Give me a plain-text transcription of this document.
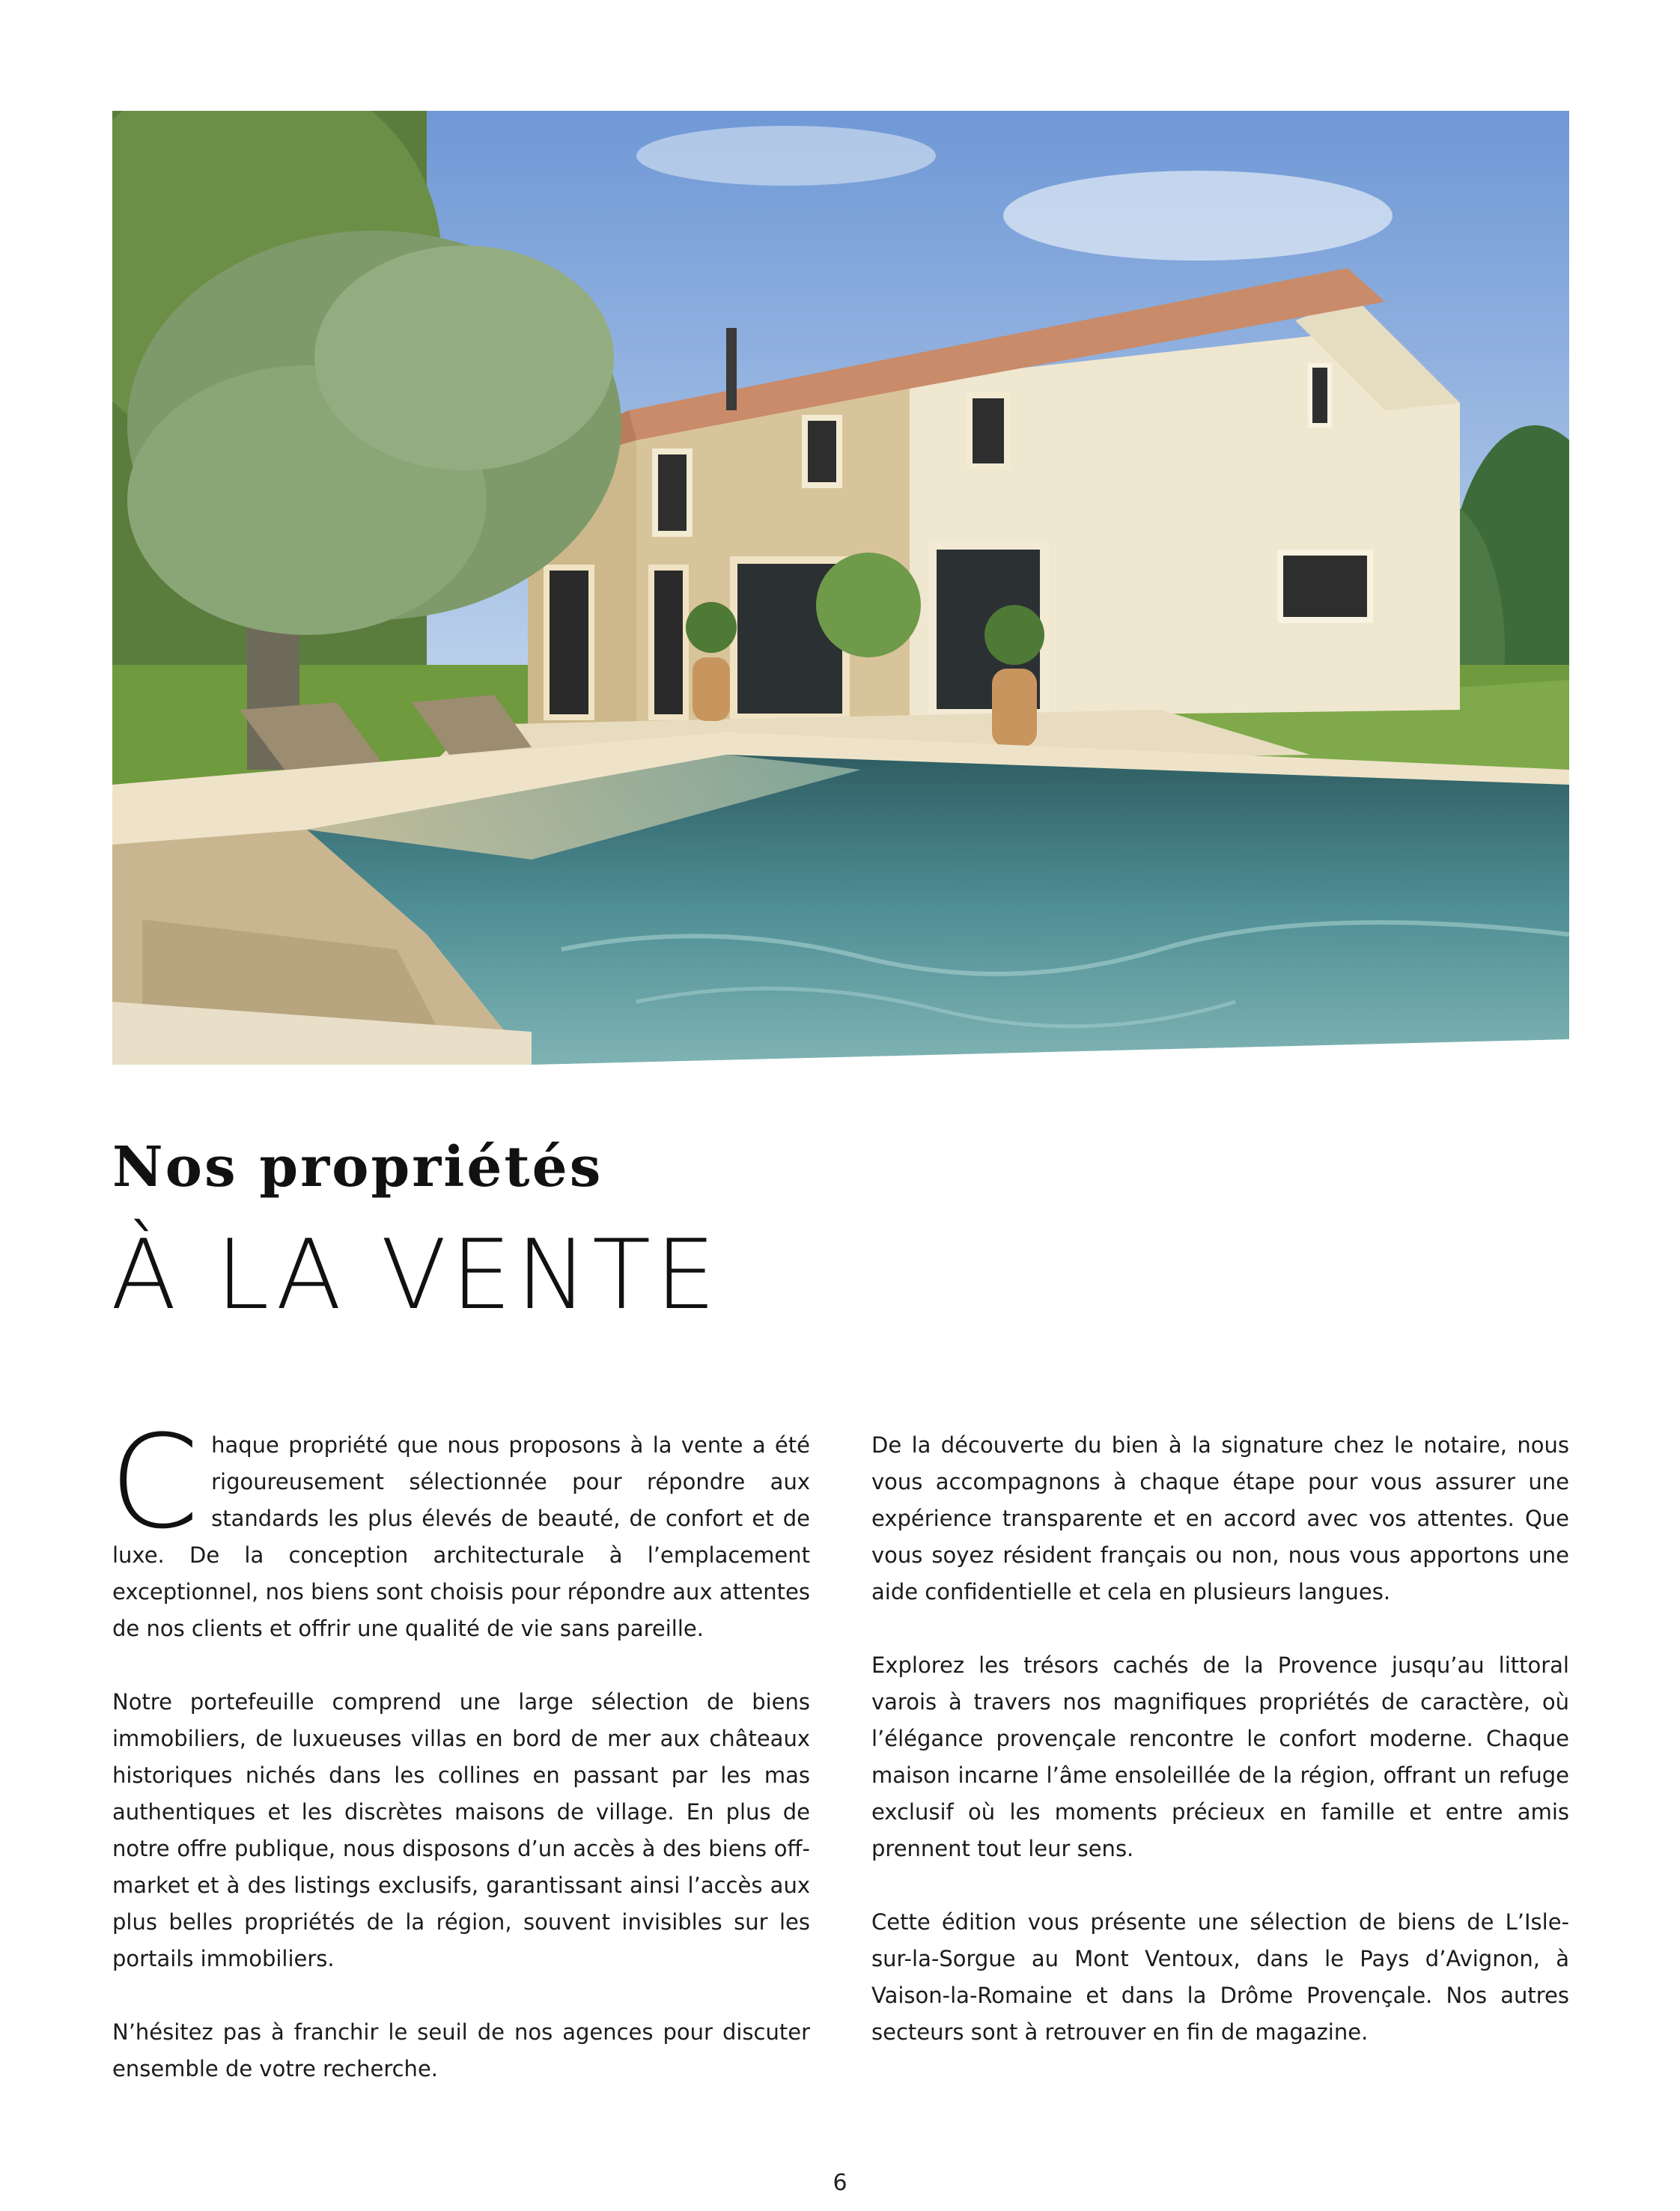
Nos propriétés
À LA VENTE

Chaque propriété que nous proposons à la vente a été rigoureusement sélectionnée pour répondre aux standards les plus élevés de beauté, de confort et de luxe. De la conception architecturale à l’emplacement exceptionnel, nos biens sont choisis pour répondre aux attentes de nos clients et offrir une qualité de vie sans pareille.

Notre portefeuille comprend une large sélection de biens immobiliers, de luxueuses villas en bord de mer aux châteaux historiques nichés dans les collines en passant par les mas authentiques et les discrètes maisons de village. En plus de notre offre publique, nous disposons d’un accès à des biens off-market et à des listings exclusifs, garantissant ainsi l’accès aux plus belles propriétés de la région, souvent invisibles sur les portails immobiliers.

N’hésitez pas à franchir le seuil de nos agences pour discuter ensemble de votre recherche.

De la découverte du bien à la signature chez le notaire, nous vous accompagnons à chaque étape pour vous assurer une expérience transparente et en accord avec vos attentes. Que vous soyez résident français ou non, nous vous apportons une aide confidentielle et cela en plusieurs langues.

Explorez les trésors cachés de la Provence jusqu’au littoral varois à travers nos magnifiques propriétés de caractère, où l’élégance provençale rencontre le confort moderne. Chaque maison incarne l’âme ensoleillée de la région, offrant un refuge exclusif où les moments précieux en famille et entre amis prennent tout leur sens.

Cette édition vous présente une sélection de biens de L’Isle-sur-la-Sorgue au Mont Ventoux, dans le Pays d’Avignon, à Vaison-la-Romaine et dans la Drôme Provençale. Nos autres secteurs sont à retrouver en fin de magazine.

6
